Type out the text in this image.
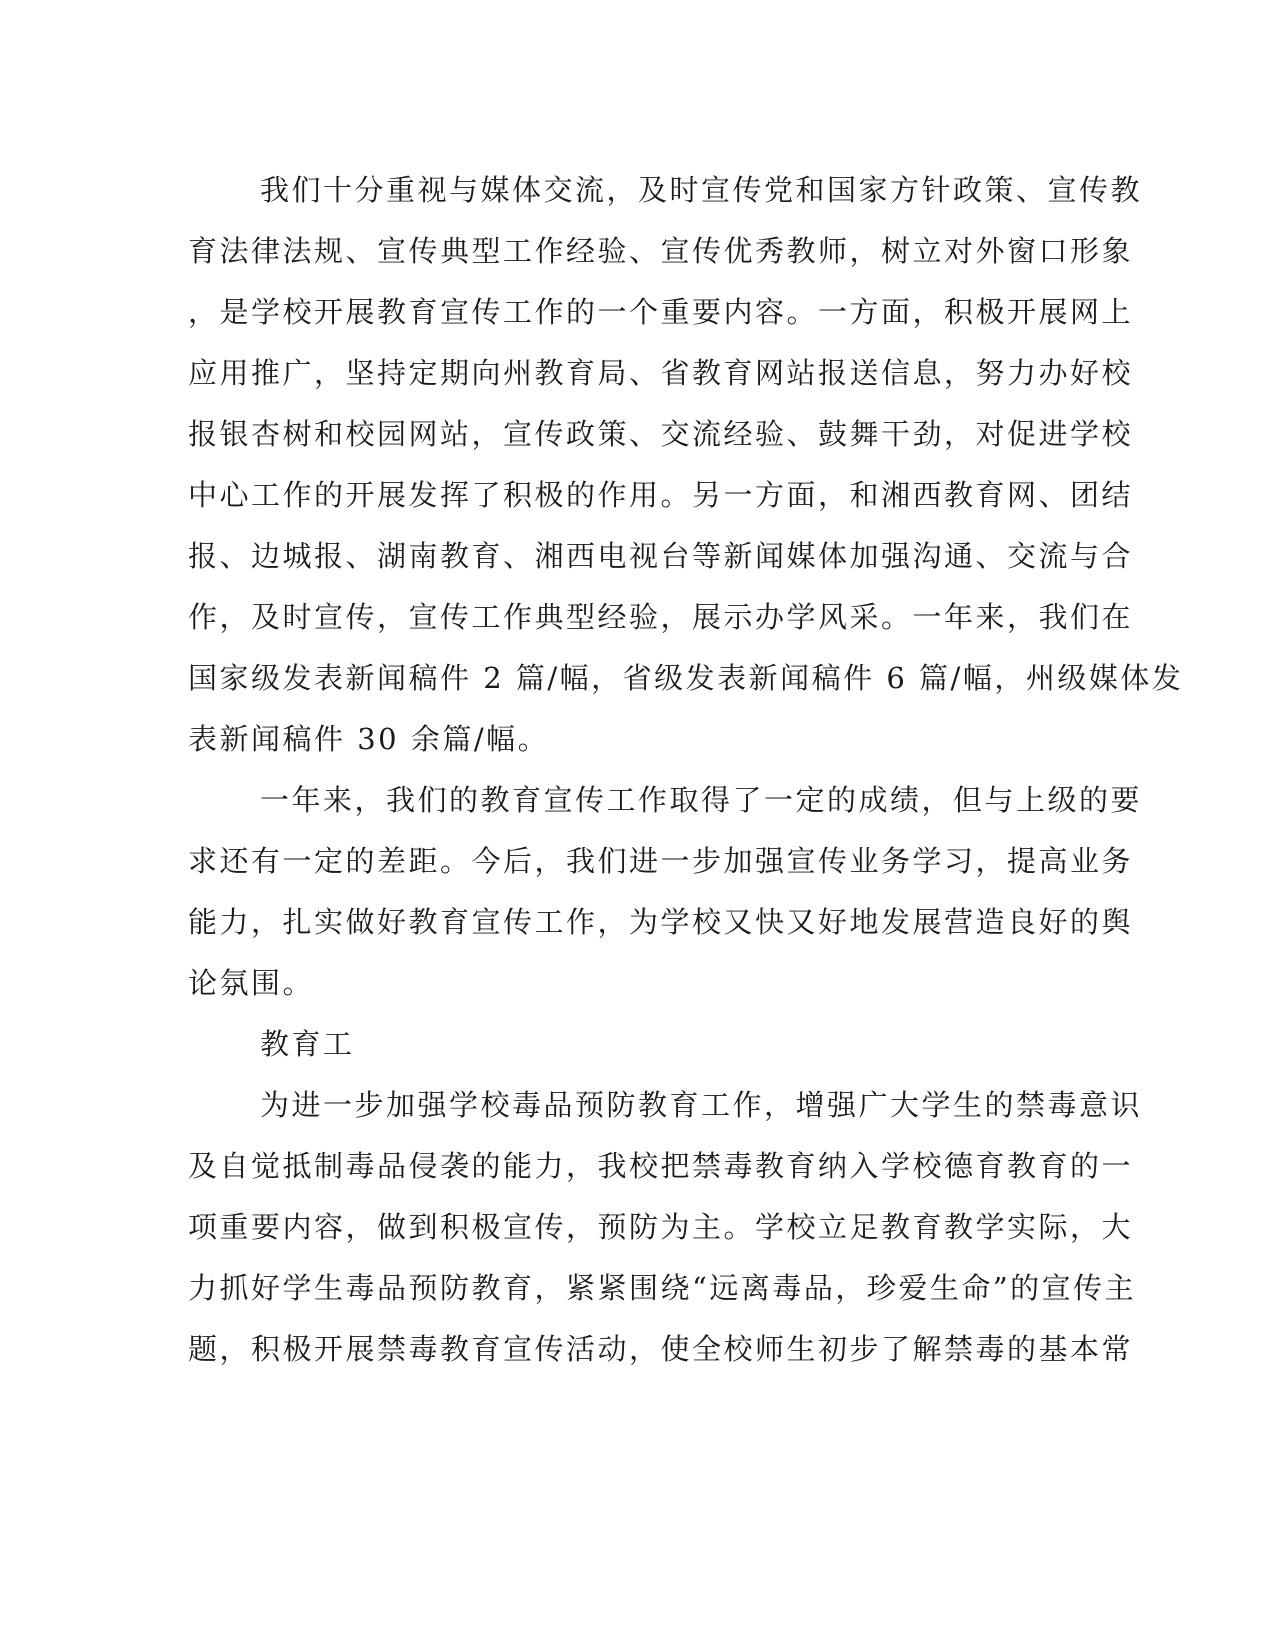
我们十分重视与媒体交流，及时宣传党和国家方针政策、宣传教
育法律法规、宣传典型工作经验、宣传优秀教师，树立对外窗口形象
，是学校开展教育宣传工作的一个重要内容。一方面，积极开展网上
应用推广，坚持定期向州教育局、省教育网站报送信息，努力办好校
报银杏树和校园网站，宣传政策、交流经验、鼓舞干劲，对促进学校
中心工作的开展发挥了积极的作用。另一方面，和湘西教育网、团结
报、边城报、湖南教育、湘西电视台等新闻媒体加强沟通、交流与合
作，及时宣传，宣传工作典型经验，展示办学风采。一年来，我们在
国家级发表新闻稿件 2 篇/幅，省级发表新闻稿件 6 篇/幅，州级媒体发
表新闻稿件 30 余篇/幅。
一年来，我们的教育宣传工作取得了一定的成绩，但与上级的要
求还有一定的差距。今后，我们进一步加强宣传业务学习，提高业务
能力，扎实做好教育宣传工作，为学校又快又好地发展营造良好的舆
论氛围。
教育工
为进一步加强学校毒品预防教育工作，增强广大学生的禁毒意识
及自觉抵制毒品侵袭的能力，我校把禁毒教育纳入学校德育教育的一
项重要内容，做到积极宣传，预防为主。学校立足教育教学实际，大
力抓好学生毒品预防教育，紧紧围绕“远离毒品，珍爱生命”的宣传主
题，积极开展禁毒教育宣传活动，使全校师生初步了解禁毒的基本常
